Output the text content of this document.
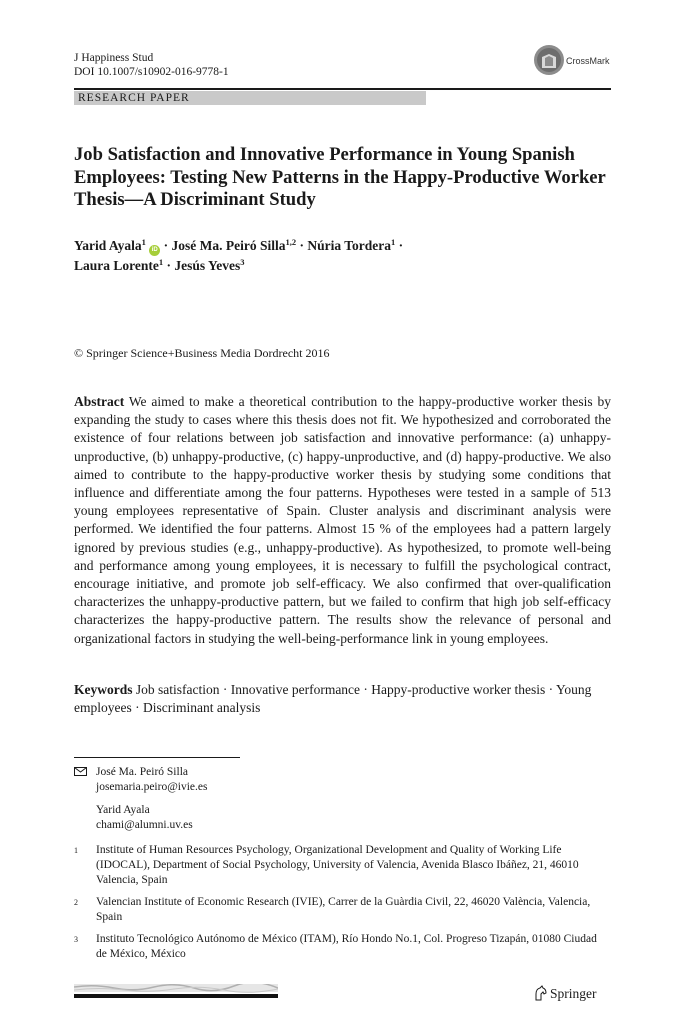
J Happiness Stud
DOI 10.1007/s10902-016-9778-1
CrossMark
RESEARCH PAPER
Job Satisfaction and Innovative Performance in Young Spanish Employees: Testing New Patterns in the Happy-Productive Worker Thesis—A Discriminant Study
Yarid Ayala$^1$ iD · José Ma. Peiró Silla$^{1,2}$ · Núria Tordera$^1$ ·
Laura Lorente$^1$ · Jesús Yeves$^3$
© Springer Science+Business Media Dordrecht 2016
Abstract We aimed to make a theoretical contribution to the happy-productive worker thesis by expanding the study to cases where this thesis does not fit. We hypothesized and corroborated the existence of four relations between job satisfaction and innovative performance: (a) unhappy-unproductive, (b) unhappy-productive, (c) happy-unproductive, and (d) happy-productive. We also aimed to contribute to the happy-productive worker thesis by studying some conditions that influence and differentiate among the four patterns. Hypotheses were tested in a sample of 513 young employees representative of Spain. Cluster analysis and discriminant analysis were performed. We identified the four patterns. Almost 15 % of the employees had a pattern largely ignored by previous studies (e.g., unhappy-productive). As hypothesized, to promote well-being and performance among young employees, it is necessary to fulfill the psychological contract, encourage initiative, and promote job self-efficacy. We also confirmed that over-qualification characterizes the unhappy-productive pattern, but we failed to confirm that high job self-efficacy characterizes the happy-productive pattern. The results show the relevance of personal and organizational factors in studying the well-being-performance link in young employees.
Keywords Job satisfaction · Innovative performance · Happy-productive worker thesis · Young employees · Discriminant analysis
José Ma. Peiró Silla
josemaria.peiro@ivie.es
Yarid Ayala
chami@alumni.uv.es
1 Institute of Human Resources Psychology, Organizational Development and Quality of Working Life (IDOCAL), Department of Social Psychology, University of Valencia, Avenida Blasco Ibáñez, 21, 46010 Valencia, Spain
2 Valencian Institute of Economic Research (IVIE), Carrer de la Guàrdia Civil, 22, 46020 València, Valencia, Spain
3 Instituto Tecnológico Autónomo de México (ITAM), Río Hondo No.1, Col. Progreso Tizapán, 01080 Ciudad de México, México
Springer
